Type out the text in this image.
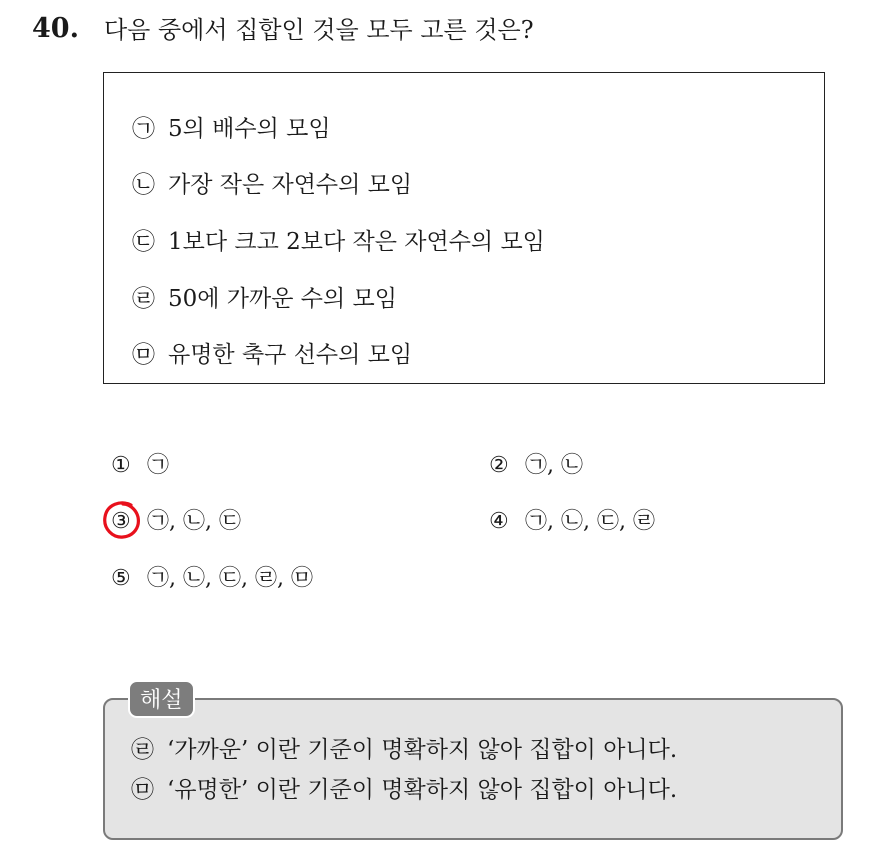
40. 다음 중에서 집합인 것을 모두 고른 것은?
㉠ 5의 배수의 모임
㉡ 가장 작은 자연수의 모임
㉢ 1보다 크고 2보다 작은 자연수의 모임
㉣ 50에 가까운 수의 모임
㉤ 유명한 축구 선수의 모임
① ㉠	② ㉠, ㉡
③ ㉠, ㉡, ㉢	④ ㉠, ㉡, ㉢, ㉣
⑤ ㉠, ㉡, ㉢, ㉣, ㉤
㉣ ‘가까운’ 이란 기준이 명확하지 않아 집합이 아니다.
㉤ ‘유명한’ 이란 기준이 명확하지 않아 집합이 아니다.
해설
